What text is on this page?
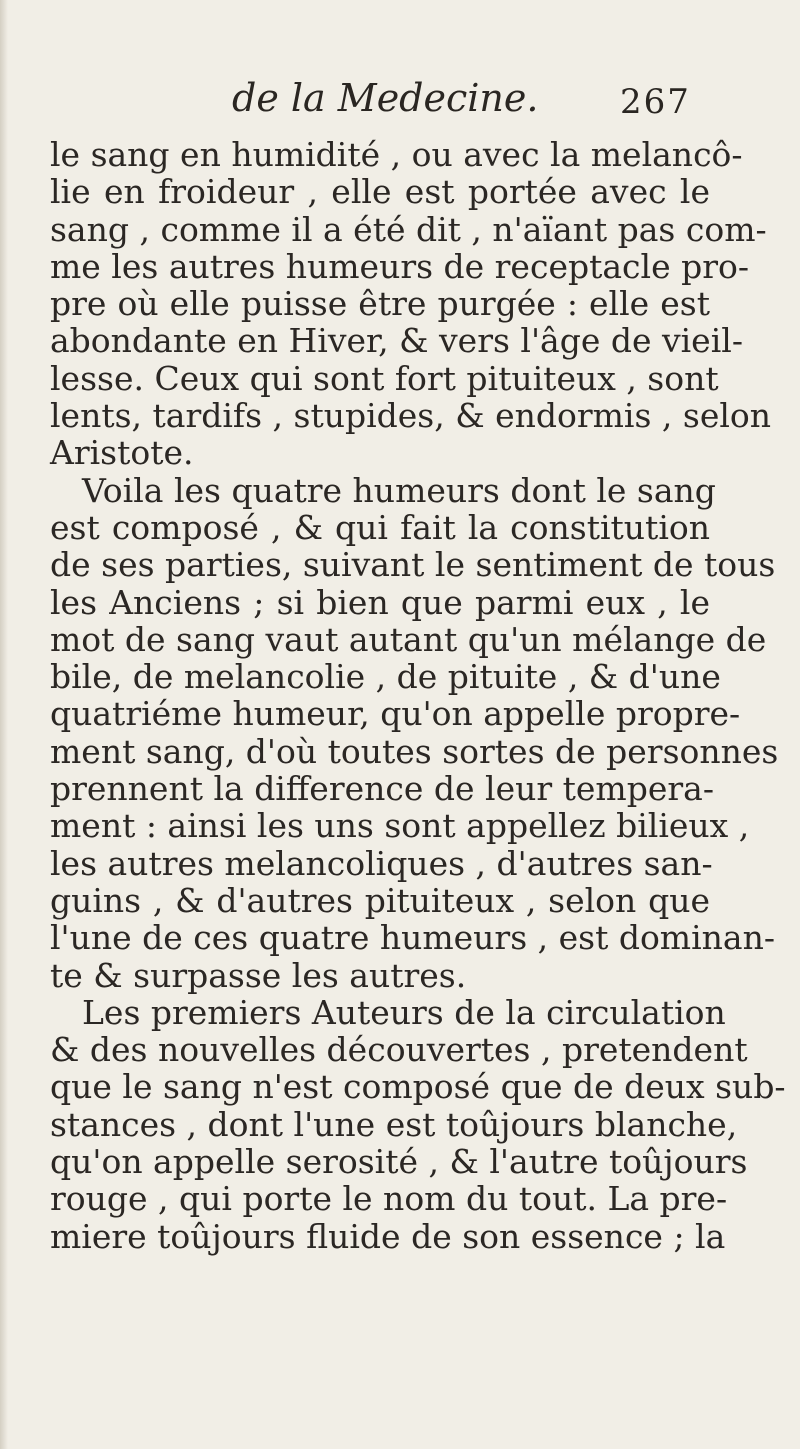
de la Medecine. 267
le sang en humidité , ou avec la melancô-
lie en froideur , elle est portée avec le
sang , comme il a été dit , n'aïant pas com-
me les autres humeurs de receptacle pro-
pre où elle puisse être purgée : elle est
abondante en Hiver, & vers l'âge de vieil-
lesse. Ceux qui sont fort pituiteux , sont
lents, tardifs , stupides, & endormis , selon
Aristote.
Voila les quatre humeurs dont le sang
est composé , & qui fait la constitution
de ses parties, suivant le sentiment de tous
les Anciens ; si bien que parmi eux , le
mot de sang vaut autant qu'un mélange de
bile, de melancolie , de pituite , & d'une
quatriéme humeur, qu'on appelle propre-
ment sang, d'où toutes sortes de personnes
prennent la difference de leur tempera-
ment : ainsi les uns sont appellez bilieux ,
les autres melancoliques , d'autres san-
guins , & d'autres pituiteux , selon que
l'une de ces quatre humeurs , est dominan-
te & surpasse les autres.
Les premiers Auteurs de la circulation
& des nouvelles découvertes , pretendent
que le sang n'est composé que de deux sub-
stances , dont l'une est toûjours blanche,
qu'on appelle serosité , & l'autre toûjours
rouge , qui porte le nom du tout. La pre-
miere toûjours fluide de son essence ; la
